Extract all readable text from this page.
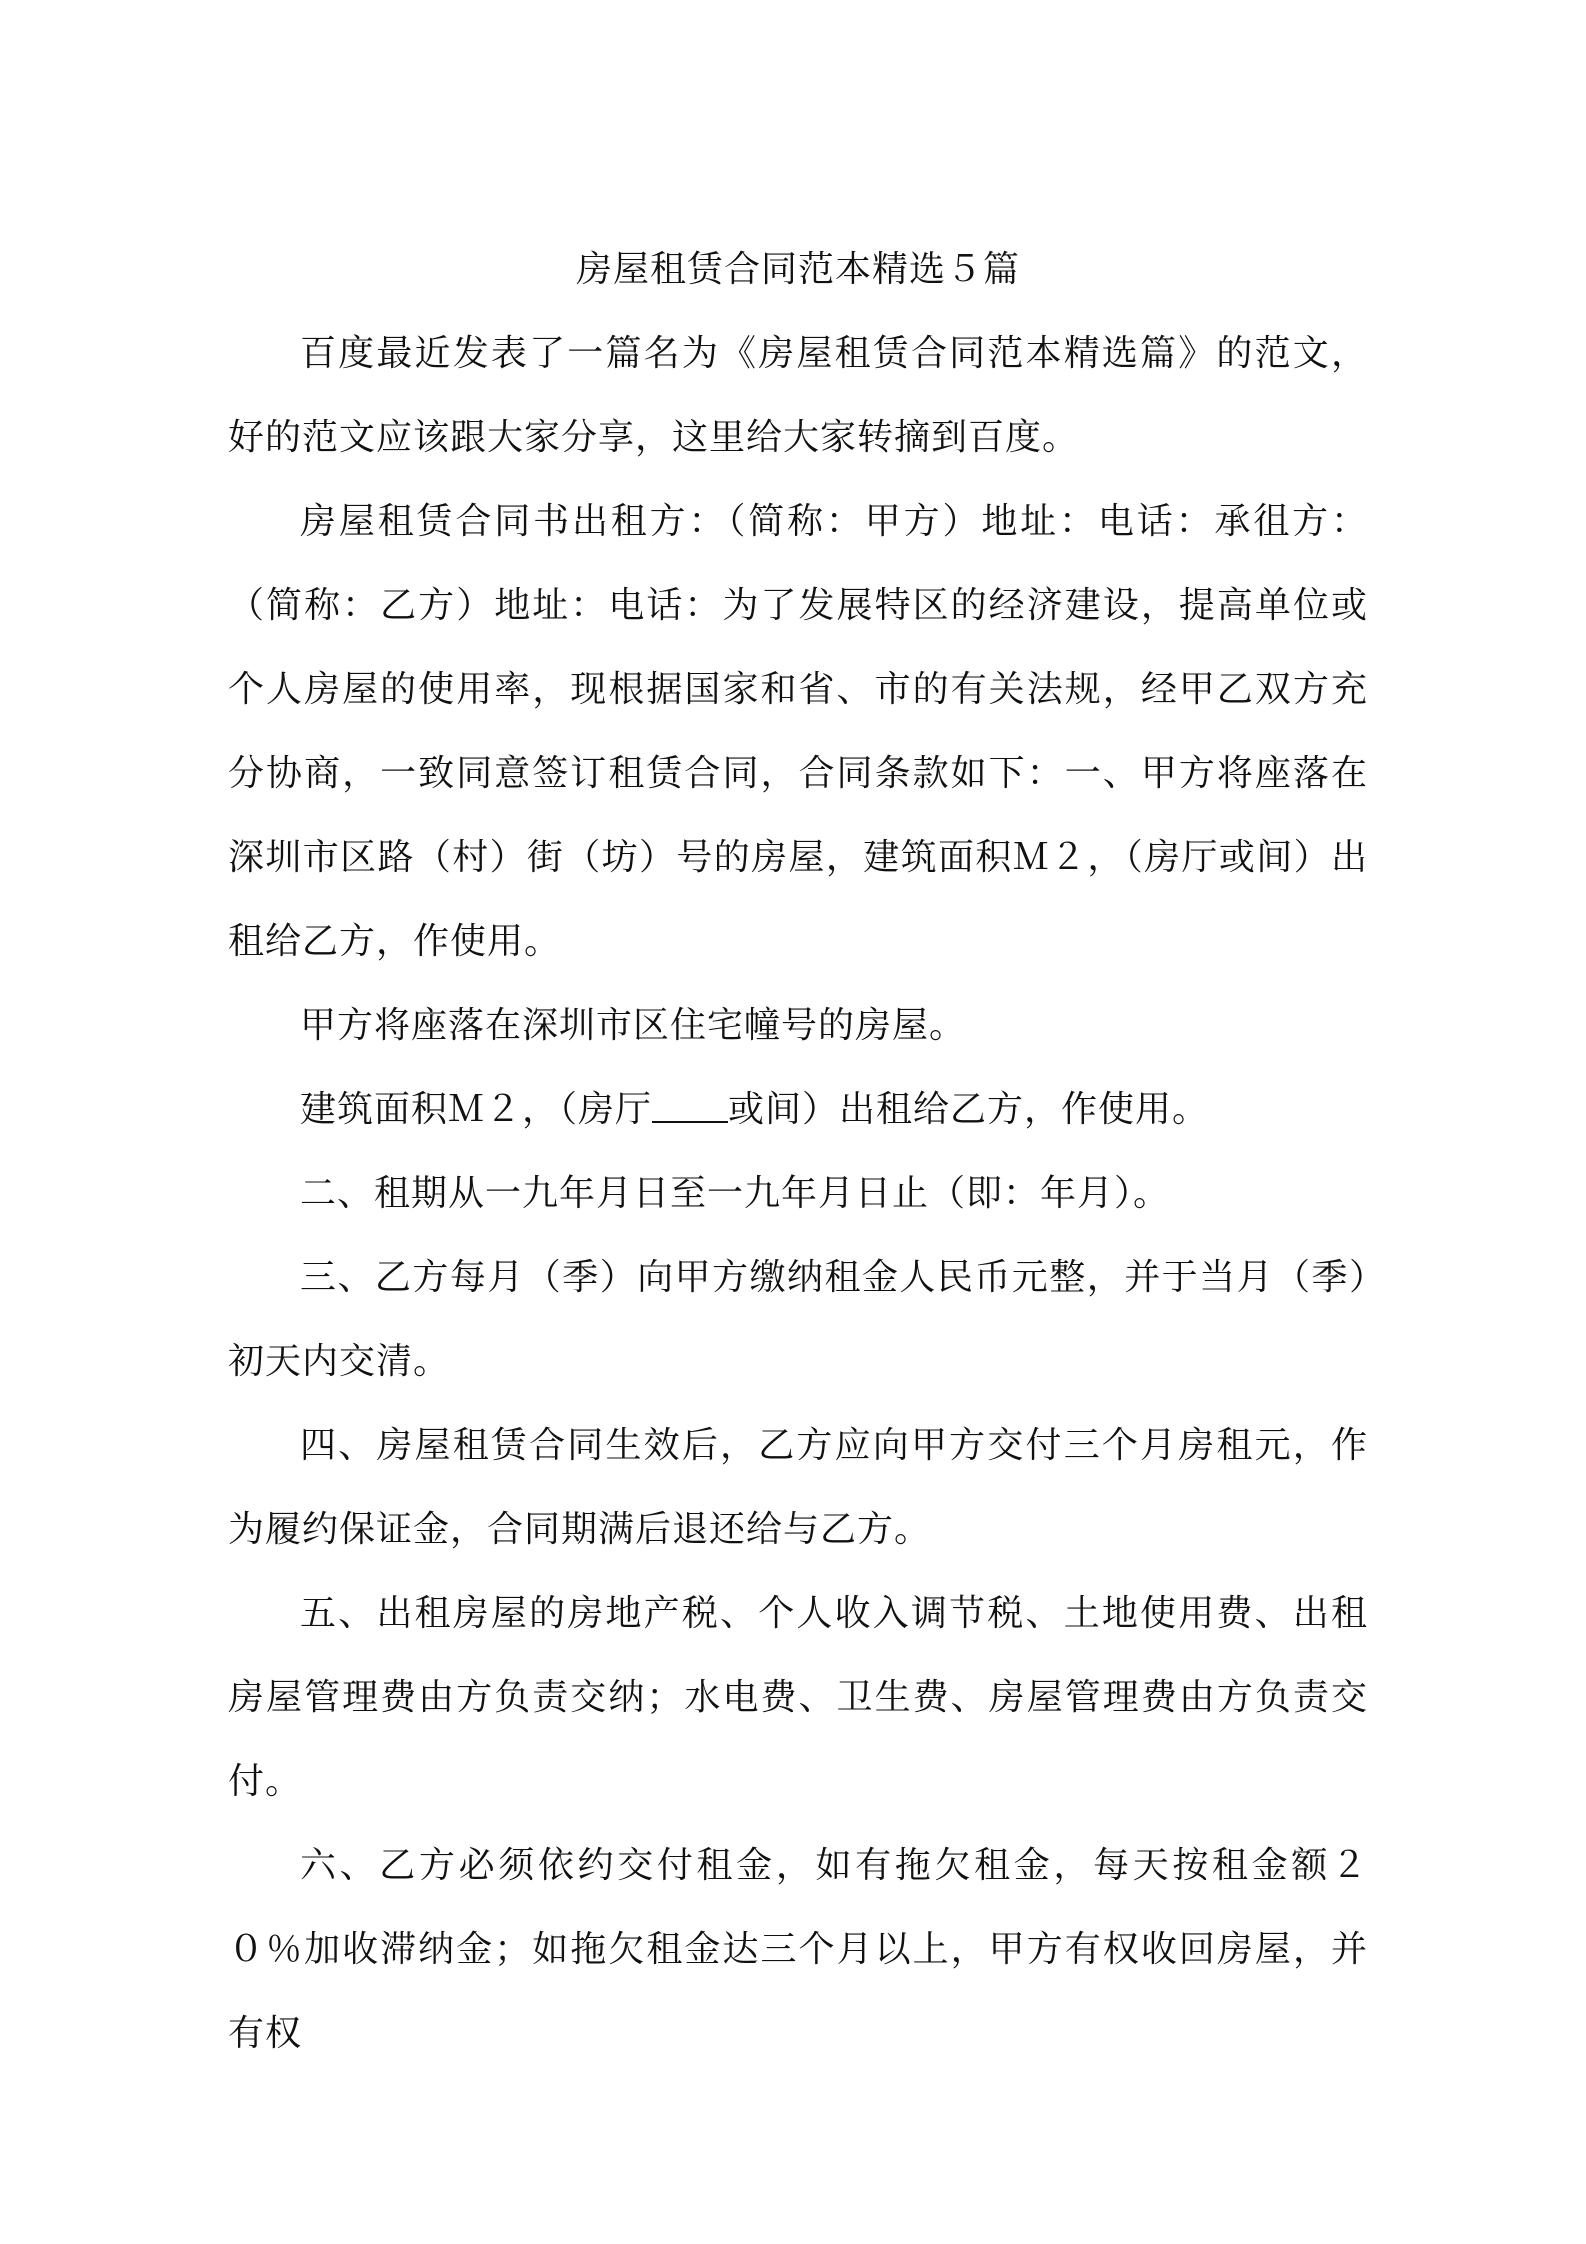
房屋租赁合同范本精选５篇

百度最近发表了一篇名为《房屋租赁合同范本精选篇》的范文，好的范文应该跟大家分享，这里给大家转摘到百度。

房屋租赁合同书出租方：（简称：甲方）地址：电话：承徂方：（简称：乙方）地址：电话：为了发展特区的经济建设，提高单位或个人房屋的使用率，现根据国家和省、市的有关法规，经甲乙双方充分协商，一致同意签订租赁合同，合同条款如下：一、甲方将座落在深圳市区路（村）街（坊）号的房屋，建筑面积Ｍ２，（房厅或间）出租给乙方，作使用。

甲方将座落在深圳市区住宅幢号的房屋。

建筑面积Ｍ２，（房厅 或间）出租给乙方，作使用。

二、租期从一九年月日至一九年月日止（即：年月）。

三、乙方每月（季）向甲方缴纳租金人民币元整，并于当月（季）初天内交清。

四、房屋租赁合同生效后，乙方应向甲方交付三个月房租元，作为履约保证金，合同期满后退还给与乙方。

五、出租房屋的房地产税、个人收入调节税、土地使用费、出租房屋管理费由方负责交纳；水电费、卫生费、房屋管理费由方负责交付。

六、乙方必须依约交付租金，如有拖欠租金，每天按租金额２０％加收滞纳金；如拖欠租金达三个月以上，甲方有权收回房屋，并有权
